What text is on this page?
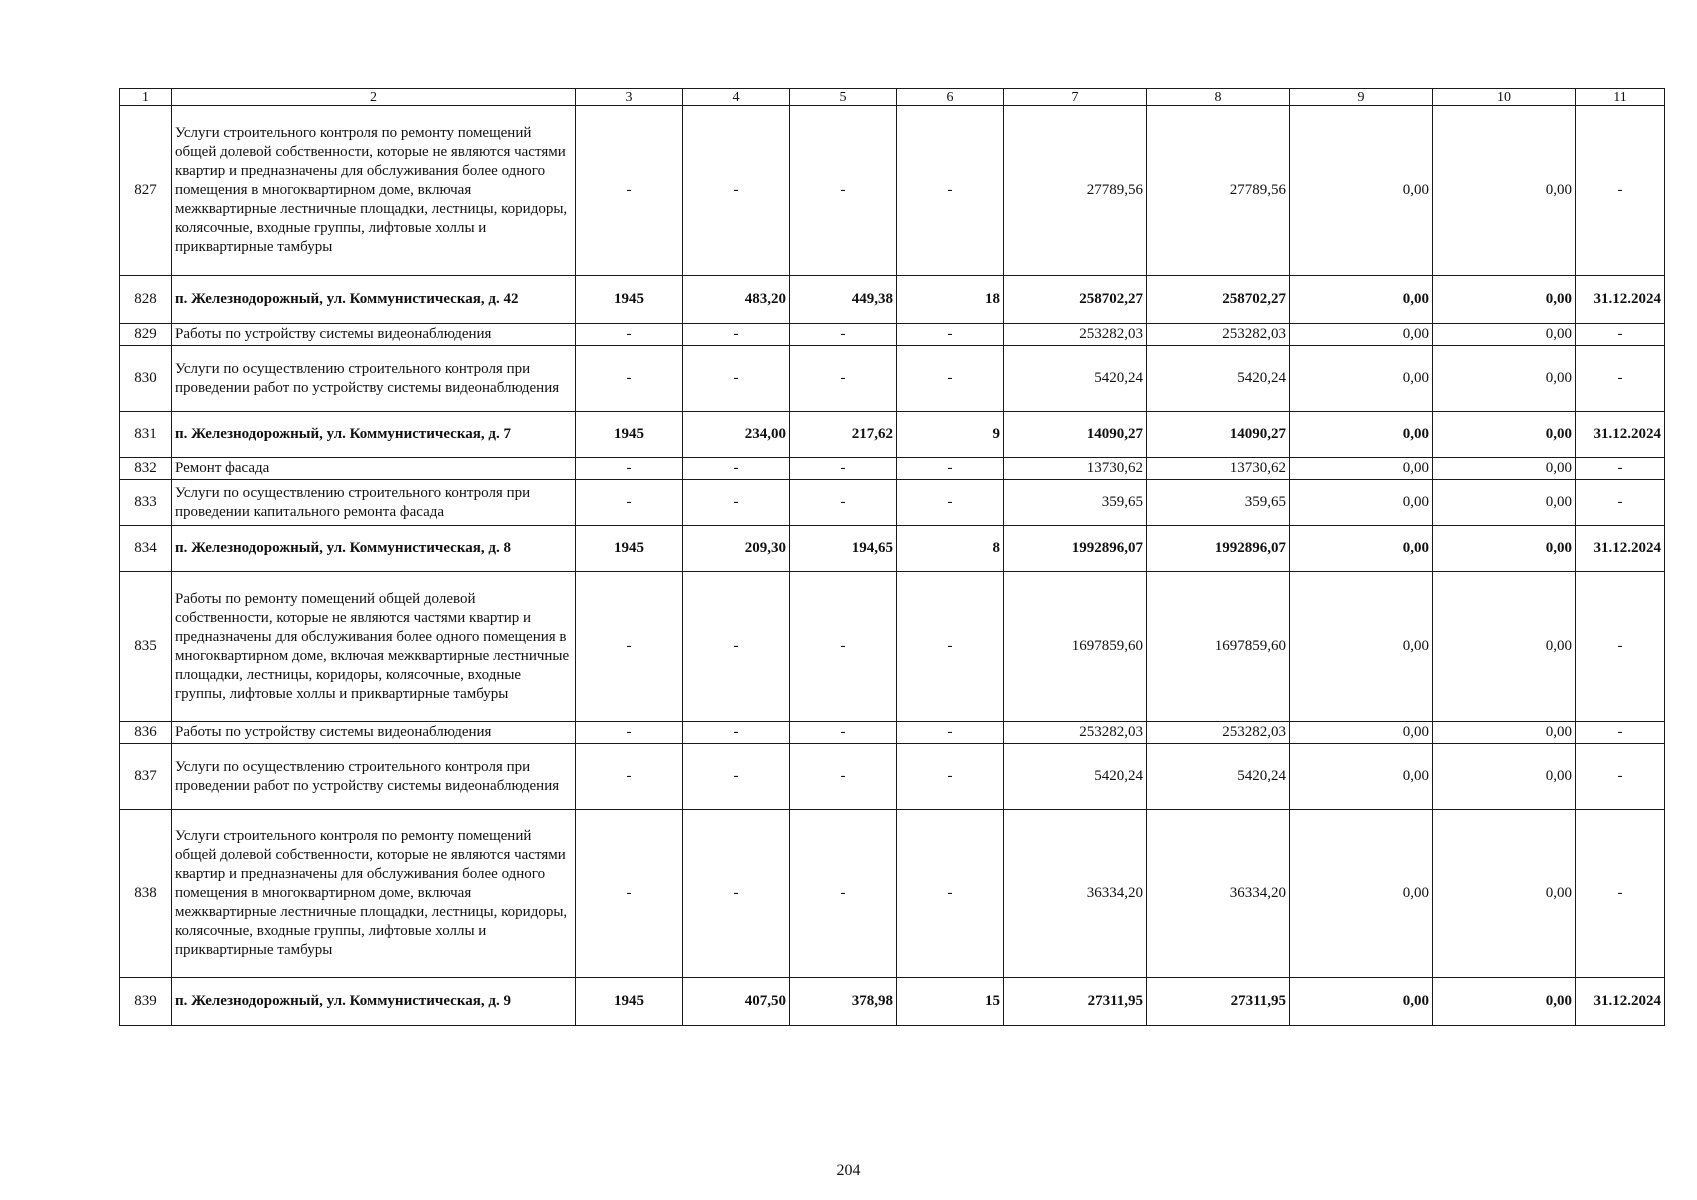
1	2	3	4	5	6	7	8	9	10	11
827	Услуги строительного контроля по ремонту помещений общей долевой собственности, которые не являются частями квартир и предназначены для обслуживания более одного помещения в многоквартирном доме, включая межквартирные лестничные площадки, лестницы, коридоры, колясочные, входные группы, лифтовые холлы и приквартирные тамбуры	-	-	-	-	27789,56	27789,56	0,00	0,00	-
828	п. Железнодорожный, ул. Коммунистическая, д. 42	1945	483,20	449,38	18	258702,27	258702,27	0,00	0,00	31.12.2024
829	Работы по устройству системы видеонаблюдения	-	-	-	-	253282,03	253282,03	0,00	0,00	-
830	Услуги по осуществлению строительного контроля при проведении работ по устройству системы видеонаблюдения	-	-	-	-	5420,24	5420,24	0,00	0,00	-
831	п. Железнодорожный, ул. Коммунистическая, д. 7	1945	234,00	217,62	9	14090,27	14090,27	0,00	0,00	31.12.2024
832	Ремонт фасада	-	-	-	-	13730,62	13730,62	0,00	0,00	-
833	Услуги по осуществлению строительного контроля при проведении капитального ремонта фасада	-	-	-	-	359,65	359,65	0,00	0,00	-
834	п. Железнодорожный, ул. Коммунистическая, д. 8	1945	209,30	194,65	8	1992896,07	1992896,07	0,00	0,00	31.12.2024
835	Работы по ремонту помещений общей долевой собственности, которые не являются частями квартир и предназначены для обслуживания более одного помещения в многоквартирном доме, включая межквартирные лестничные площадки, лестницы, коридоры, колясочные, входные группы, лифтовые холлы и приквартирные тамбуры	-	-	-	-	1697859,60	1697859,60	0,00	0,00	-
836	Работы по устройству системы видеонаблюдения	-	-	-	-	253282,03	253282,03	0,00	0,00	-
837	Услуги по осуществлению строительного контроля при проведении работ по устройству системы видеонаблюдения	-	-	-	-	5420,24	5420,24	0,00	0,00	-
838	Услуги строительного контроля по ремонту помещений общей долевой собственности, которые не являются частями квартир и предназначены для обслуживания более одного помещения в многоквартирном доме, включая межквартирные лестничные площадки, лестницы, коридоры, колясочные, входные группы, лифтовые холлы и приквартирные тамбуры	-	-	-	-	36334,20	36334,20	0,00	0,00	-
839	п. Железнодорожный, ул. Коммунистическая, д. 9	1945	407,50	378,98	15	27311,95	27311,95	0,00	0,00	31.12.2024
204
